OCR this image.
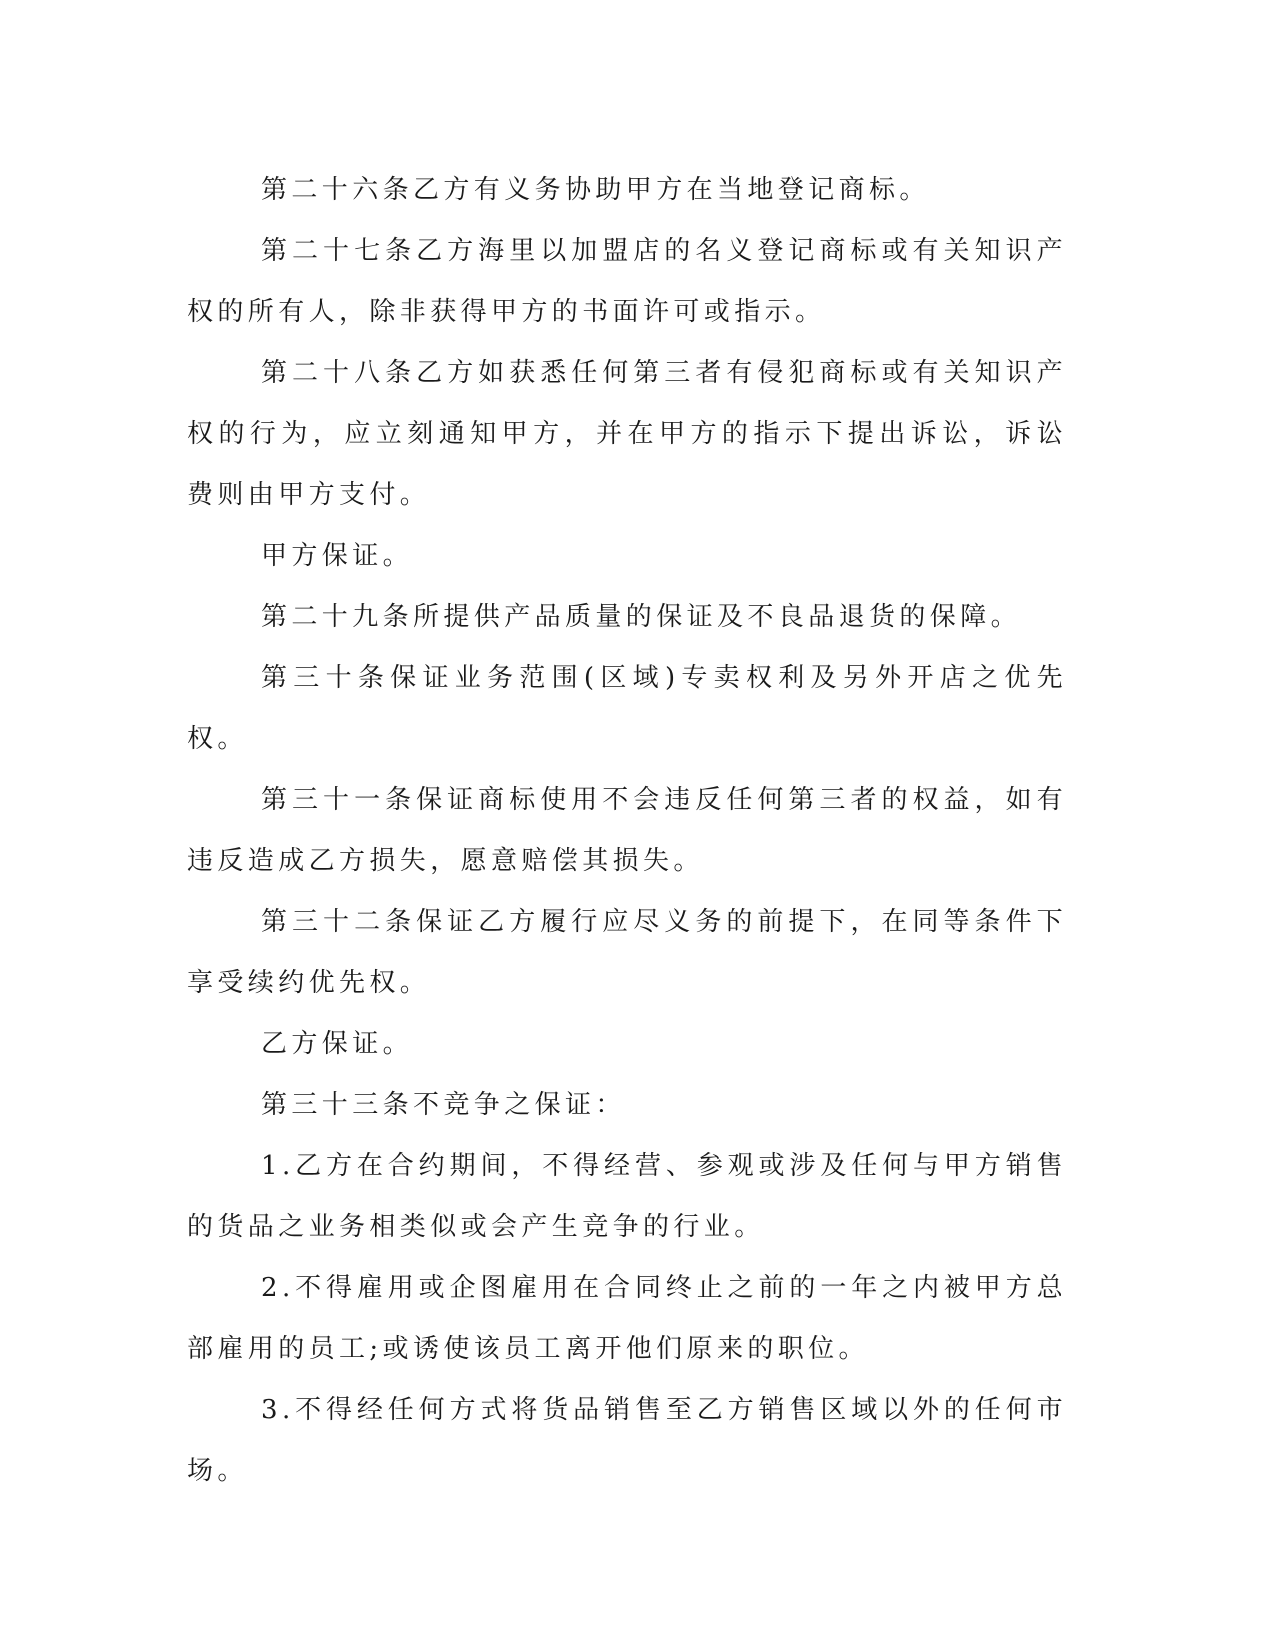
第二十六条乙方有义务协助甲方在当地登记商标。

第二十七条乙方海里以加盟店的名义登记商标或有关知识产权的所有人，除非获得甲方的书面许可或指示。

第二十八条乙方如获悉任何第三者有侵犯商标或有关知识产权的行为，应立刻通知甲方，并在甲方的指示下提出诉讼，诉讼费则由甲方支付。

甲方保证。

第二十九条所提供产品质量的保证及不良品退货的保障。

第三十条保证业务范围(区域)专卖权利及另外开店之优先权。

第三十一条保证商标使用不会违反任何第三者的权益，如有违反造成乙方损失，愿意赔偿其损失。

第三十二条保证乙方履行应尽义务的前提下，在同等条件下享受续约优先权。

乙方保证。

第三十三条不竞争之保证：

1.乙方在合约期间，不得经营、参观或涉及任何与甲方销售的货品之业务相类似或会产生竞争的行业。

2.不得雇用或企图雇用在合同终止之前的一年之内被甲方总部雇用的员工;或诱使该员工离开他们原来的职位。

3.不得经任何方式将货品销售至乙方销售区域以外的任何市场。
